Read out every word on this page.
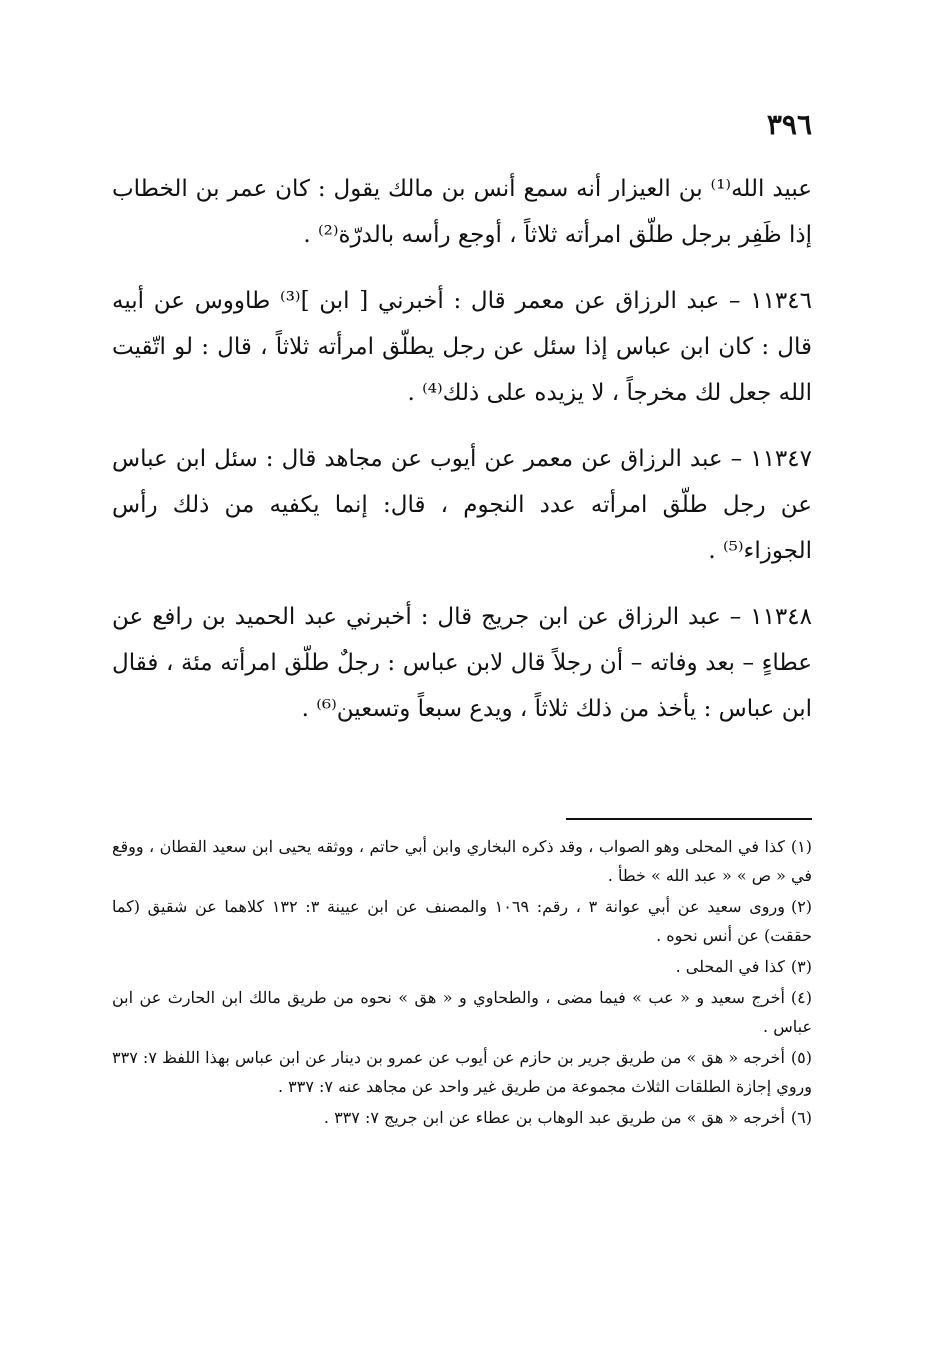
٣٩٦

عبيد الله⁽¹⁾ بن العيزار أنه سمع أنس بن مالك يقول : كان عمر بن الخطاب إذا ظَفِر برجل طلّق امرأته ثلاثاً ، أوجع رأسه بالدرّة⁽²⁾ .

١١٣٤٦ – عبد الرزاق عن معمر قال : أخبرني [ ابن ]⁽³⁾ طاووس عن أبيه قال : كان ابن عباس إذا سئل عن رجل يطلّق امرأته ثلاثاً ، قال : لو اتّقيت الله جعل لك مخرجاً ، لا يزيده على ذلك⁽⁴⁾ .

١١٣٤٧ – عبد الرزاق عن معمر عن أيوب عن مجاهد قال : سئل ابن عباس عن رجل طلّق امرأته عدد النجوم ، قال: إنما يكفيه من ذلك رأس الجوزاء⁽⁵⁾ .

١١٣٤٨ – عبد الرزاق عن ابن جريج قال : أخبرني عبد الحميد بن رافع عن عطاءٍ – بعد وفاته – أن رجلاً قال لابن عباس : رجلٌ طلّق امرأته مئة ، فقال ابن عباس : يأخذ من ذلك ثلاثاً ، ويدع سبعاً وتسعين⁽⁶⁾ .

(١)كذا في المحلى وهو الصواب ، وقد ذكره البخاري وابن أبي حاتم ، ووثقه يحيى ابن سعيد القطان ، ووقع في « ص » « عبد الله » خطأ .

(٢)وروى سعيد عن أبي عوانة ٣ ، رقم: ١٠٦٩ والمصنف عن ابن عيينة ٣: ١٣٢ كلاهما عن شقيق (كما حققت) عن أنس نحوه .

(٣)كذا في المحلى .

(٤)أخرج سعيد و « عب » فيما مضى ، والطحاوي و « هق » نحوه من طريق مالك ابن الحارث عن ابن عباس .

(٥)أخرجه « هق » من طريق جرير بن حازم عن أيوب عن عمرو بن دينار عن ابن عباس بهذا اللفظ ٧: ٣٣٧ وروي إجازة الطلقات الثلاث مجموعة من طريق غير واحد عن مجاهد عنه ٧: ٣٣٧ .

(٦)أخرجه « هق » من طريق عبد الوهاب بن عطاء عن ابن جريج ٧: ٣٣٧ .
